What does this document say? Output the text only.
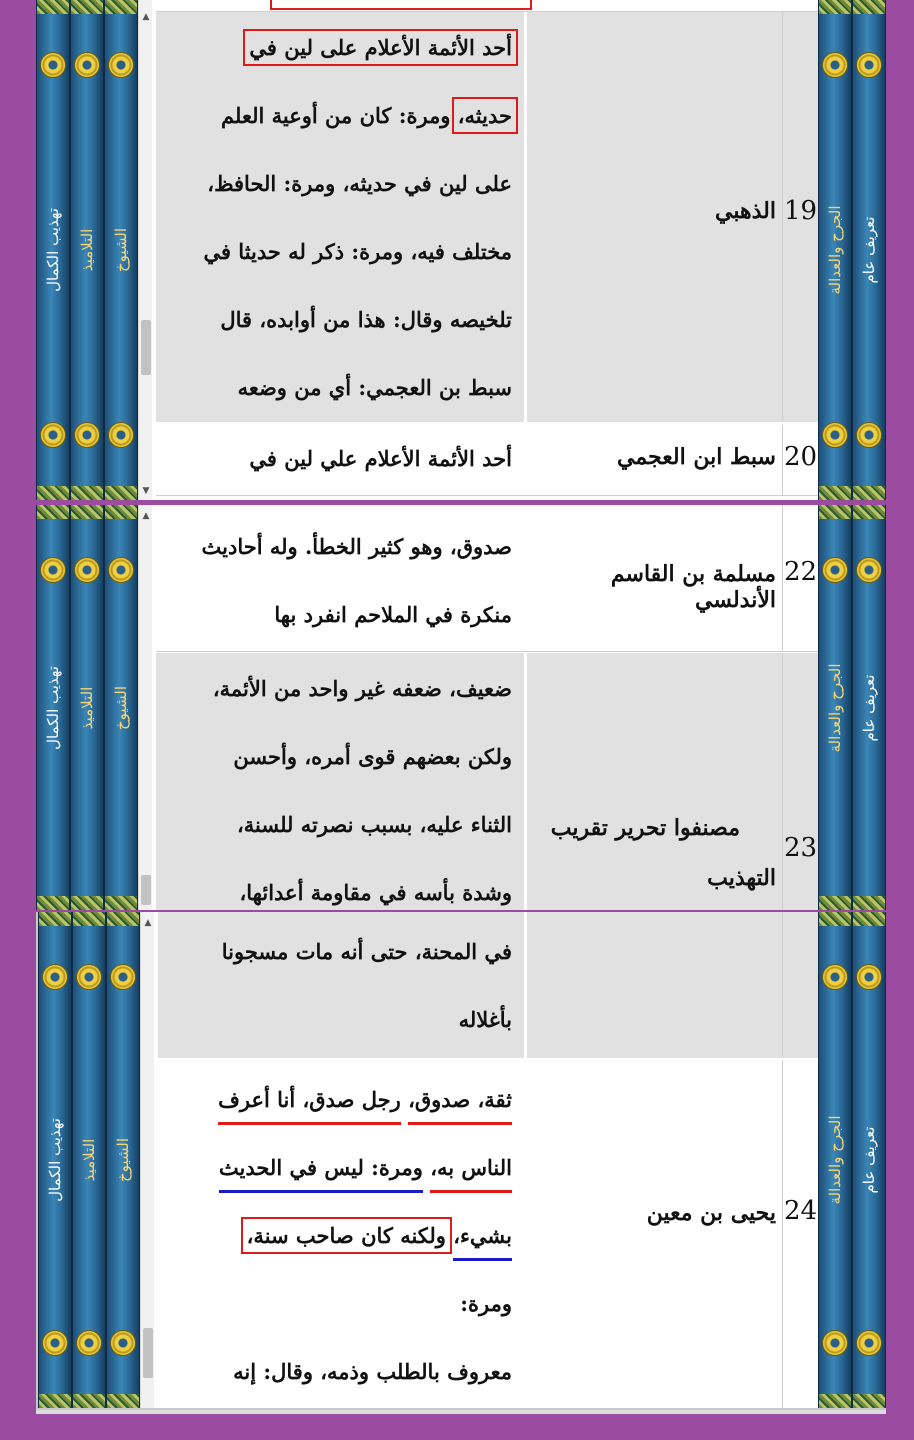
تهذيب الكمال التلاميذ الشيوخ
▲
▼
19
الذهبي
أحد الأئمة الأعلام على لين في حديثه، ومرة: كان من أوعية العلم على لين في حديثه، ومرة: الحافظ، مختلف فيه، ومرة: ذكر له حديثا في تلخيصه وقال: هذا من أوابده، قال سبط بن العجمي: أي من وضعه
20
سبط ابن العجمي
أحد الأئمة الأعلام علي لين في
الجرح والعدالة تعريف عام
تهذيب الكمال التلاميذ الشيوخ
▲
22
مسلمة بن القاسم الأندلسي
صدوق، وهو كثير الخطأ. وله أحاديث منكرة في الملاحم انفرد بها
23
مصنفوا تحرير تقريب
التهذيب
ضعيف، ضعفه غير واحد من الأئمة، ولكن بعضهم قوى أمره، وأحسن الثناء عليه، بسبب نصرته للسنة، وشدة بأسه في مقاومة أعدائها،
الجرح والعدالة تعريف عام
تهذيب الكمال التلاميذ الشيوخ
▲
في المحنة، حتى أنه مات مسجونا بأغلاله
24
يحيى بن معين
ثقة، صدوق، رجل صدق، أنا أعرف
الناس به، ومرة: ليس في الحديث
بشيء، ولكنه كان صاحب سنة، ومرة:
معروف بالطلب وذمه، وقال: إنه
الجرح والعدالة تعريف عام
